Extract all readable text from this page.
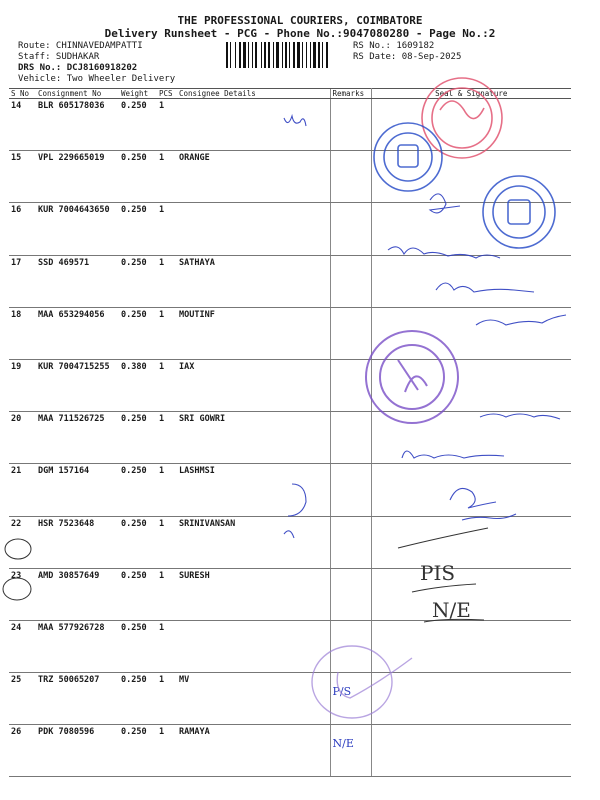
THE PROFESSIONAL COURIERS, COIMBATORE
Delivery Runsheet - PCG - Phone No.:9047080280 - Page No.:2
Route: CHINNAVEDAMPATTI
Staff: SUDHAKAR
DRS No.: DCJ8160918202
Vehicle: Two Wheeler Delivery
RS No.: 1609182
RS Date: 08-Sep-2025
S No	Consignment No	Weight	PCS	Consignee Details	Remarks	Seal & Signature
14	BLR 605178036	0.250	1			
15	VPL 229665019	0.250	1	ORANGE		
16	KUR 7004643650	0.250	1			
17	SSD 469571	0.250	1	SATHAYA		
18	MAA 653294056	0.250	1	MOUTINF		
19	KUR 7004715255	0.380	1	IAX		
20	MAA 711526725	0.250	1	SRI GOWRI		
21	DGM 157164	0.250	1	LASHMSI		
22	HSR 7523648	0.250	1	SRINIVANSAN		
23	AMD 30857649	0.250	1	SURESH		
24	MAA 577926728	0.250	1			
25	TRZ 50065207	0.250	1	MV	P/S	
26	PDK 7080596	0.250	1	RAMAYA	N/E	
PIS
N/E
